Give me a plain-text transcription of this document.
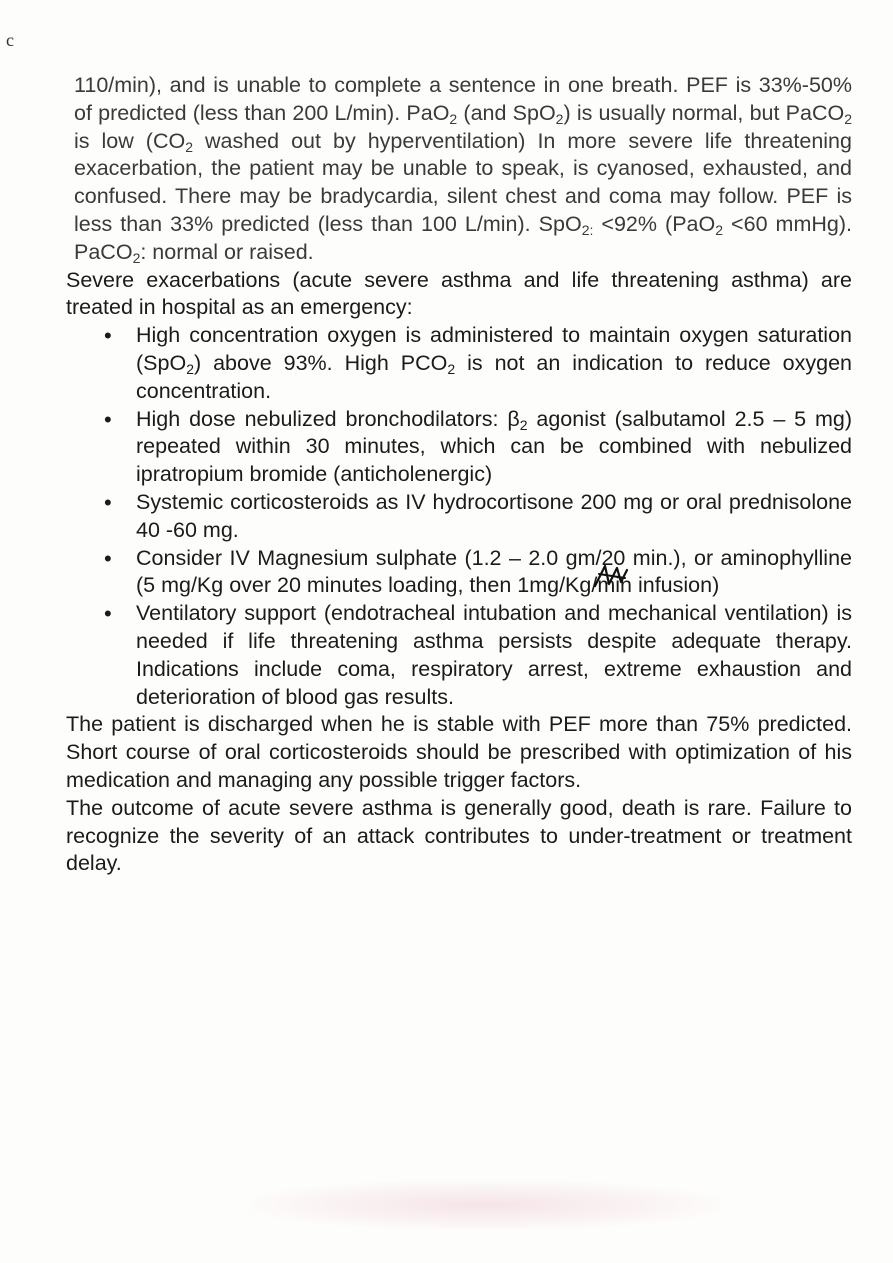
c

110/min), and is unable to complete a sentence in one breath. PEF is 33%-50% of predicted (less than 200 L/min). PaO$_2$ (and SpO$_2$) is usually normal, but PaCO$_2$ is low ($CO_2$ washed out by hyperventilation) In more severe life threatening exacerbation, the patient may be unable to speak, is cyanosed, exhausted, and confused. There may be bradycardia, silent chest and coma may follow. PEF is less than 33% predicted (less than 100 L/min). SpO$_{2:}$ <92% (PaO$_2$ <60 mmHg). PaCO$_2$: normal or raised.

Severe exacerbations (acute severe asthma and life threatening asthma) are treated in hospital as an emergency:

• High concentration oxygen is administered to maintain oxygen saturation (SpO$_2$) above 93%. High $PCO_2$ is not an indication to reduce oxygen concentration.
• High dose nebulized bronchodilators: $\beta_2$ agonist (salbutamol 2.5 – 5 mg) repeated within 30 minutes, which can be combined with nebulized ipratropium bromide (anticholenergic)
• Systemic corticosteroids as IV hydrocortisone 200 mg or oral prednisolone 40 -60 mg.
• Consider IV Magnesium sulphate (1.2 – 2.0 gm/20 min.), or aminophylline (5 mg/Kg over 20 minutes loading, then 1mg/Kg/min
infusion)
• Ventilatory support (endotracheal intubation and mechanical ventilation) is needed if life threatening asthma persists despite adequate therapy. Indications include coma, respiratory arrest, extreme exhaustion and deterioration of blood gas results.

The patient is discharged when he is stable with PEF more than 75% predicted. Short course of oral corticosteroids should be prescribed with optimization of his medication and managing any possible trigger factors.

The outcome of acute severe asthma is generally good, death is rare. Failure to recognize the severity of an attack contributes to under-treatment or treatment delay.
